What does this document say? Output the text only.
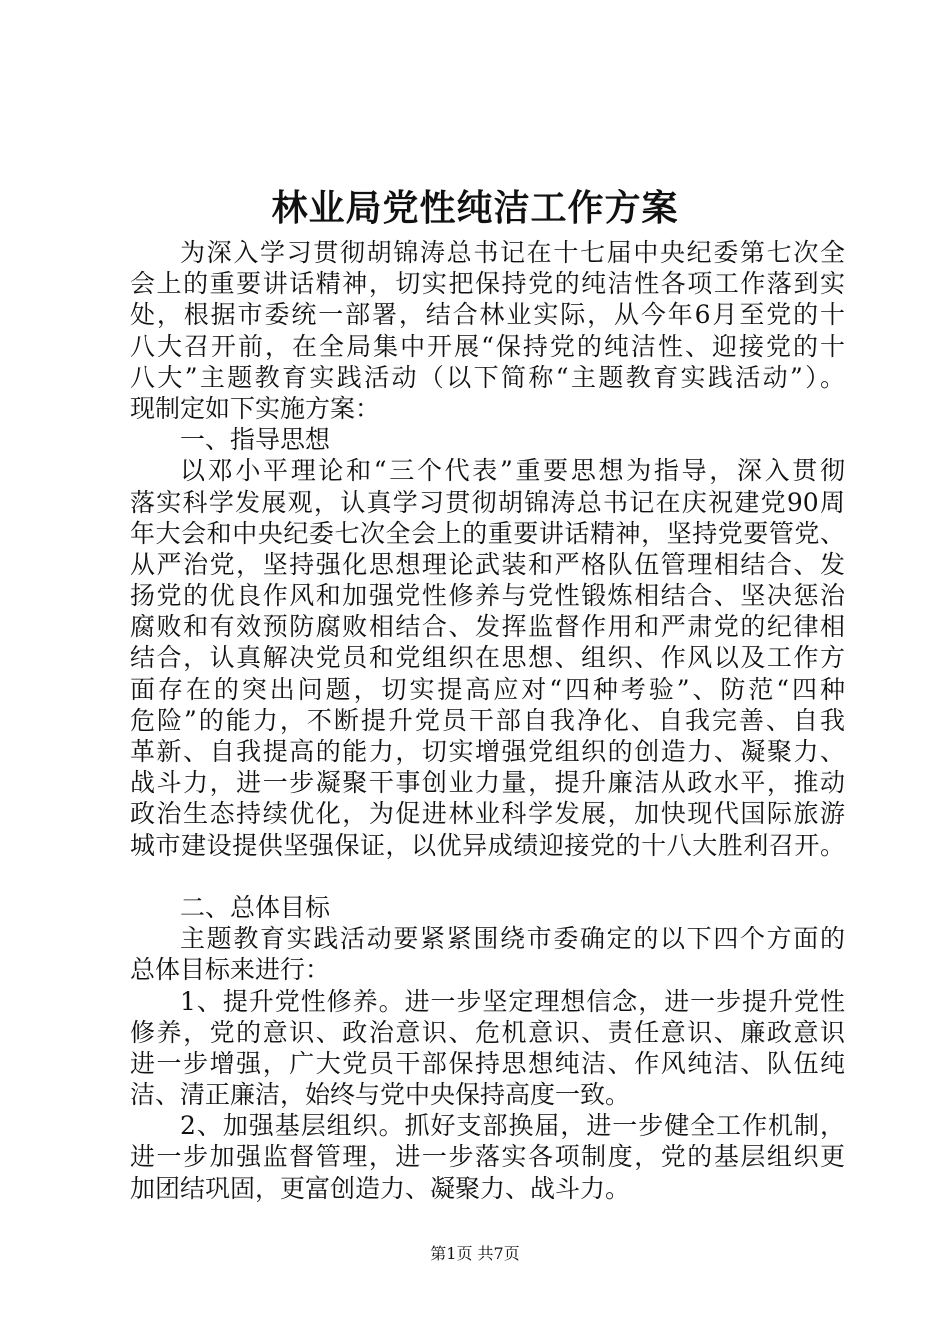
林业局党性纯洁工作方案
为深入学习贯彻胡锦涛总书记在十七届中央纪委第七次全
会上的重要讲话精神，切实把保持党的纯洁性各项工作落到实
处，根据市委统一部署，结合林业实际，从今年6月至党的十
八大召开前，在全局集中开展“保持党的纯洁性、迎接党的十
八大”主题教育实践活动（以下简称“主题教育实践活动”）。
现制定如下实施方案：
一、指导思想
以邓小平理论和“三个代表”重要思想为指导，深入贯彻
落实科学发展观，认真学习贯彻胡锦涛总书记在庆祝建党90周
年大会和中央纪委七次全会上的重要讲话精神，坚持党要管党、
从严治党，坚持强化思想理论武装和严格队伍管理相结合、发
扬党的优良作风和加强党性修养与党性锻炼相结合、坚决惩治
腐败和有效预防腐败相结合、发挥监督作用和严肃党的纪律相
结合，认真解决党员和党组织在思想、组织、作风以及工作方
面存在的突出问题，切实提高应对“四种考验”、防范“四种
危险”的能力，不断提升党员干部自我净化、自我完善、自我
革新、自我提高的能力，切实增强党组织的创造力、凝聚力、
战斗力，进一步凝聚干事创业力量，提升廉洁从政水平，推动
政治生态持续优化，为促进林业科学发展，加快现代国际旅游
城市建设提供坚强保证，以优异成绩迎接党的十八大胜利召开。
二、总体目标
主题教育实践活动要紧紧围绕市委确定的以下四个方面的
总体目标来进行：
1、提升党性修养。进一步坚定理想信念，进一步提升党性
修养，党的意识、政治意识、危机意识、责任意识、廉政意识
进一步增强，广大党员干部保持思想纯洁、作风纯洁、队伍纯
洁、清正廉洁，始终与党中央保持高度一致。
2、加强基层组织。抓好支部换届，进一步健全工作机制，
进一步加强监督管理，进一步落实各项制度，党的基层组织更
加团结巩固，更富创造力、凝聚力、战斗力。
第1页 共7页
